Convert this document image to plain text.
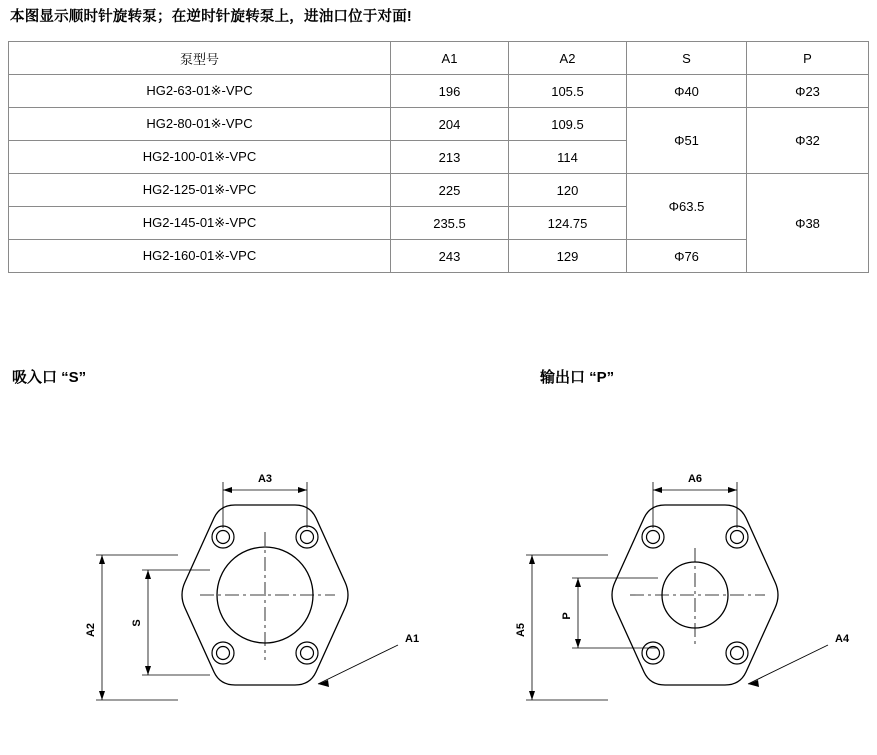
本图显示顺时针旋转泵；在逆时针旋转泵上，进油口位于对面!
泵型号	A1	A2	S	P
HG2-63-01※-VPC	196	105.5	Φ40	Φ23
HG2-80-01※-VPC	204	109.5	Φ51	Φ32
HG2-100-01※-VPC	213	114		
HG2-125-01※-VPC	225	120	Φ63.5	Φ38
HG2-145-01※-VPC	235.5	124.75		
HG2-160-01※-VPC	243	129	Φ76	
吸入口 “S”	输出口 “P”
A3
A2	S
A1
A6
A5
P
A4
